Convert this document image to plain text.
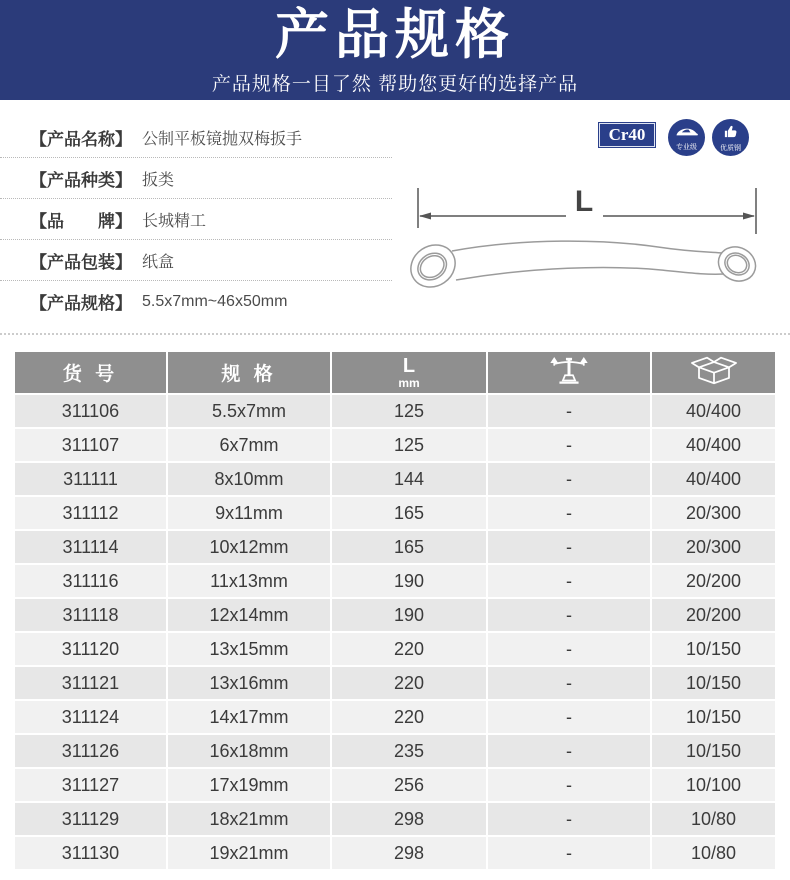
产品规格
产品规格一目了然 帮助您更好的选择产品
【产品名称】 公制平板镜抛双梅扳手
【产品种类】 扳类
【品　　牌】 长城精工
【产品包装】 纸盒
【产品规格】 5.5x7mm~46x50mm
Cr40
专业级	优质钢
L
货 号	规 格	L
mm
311106	5.5x7mm	125	-	40/400
311107	6x7mm	125	-	40/400
311111	8x10mm	144	-	40/400
311112	9x11mm	165	-	20/300
311114	10x12mm	165	-	20/300
311116	11x13mm	190	-	20/200
311118	12x14mm	190	-	20/200
311120	13x15mm	220	-	10/150
311121	13x16mm	220	-	10/150
311124	14x17mm	220	-	10/150
311126	16x18mm	235	-	10/150
311127	17x19mm	256	-	10/100
311129	18x21mm	298	-	10/80
311130	19x21mm	298	-	10/80
